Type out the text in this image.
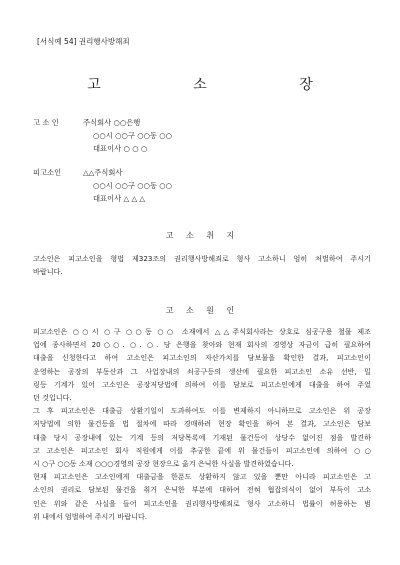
[서식예 54] 권리행사방해죄
고 소 장
고 소 인	주식회사 ○○은행
○○시 ○○구 ○○동 ○○
대표이사 ○ ○ ○
피고소인	△△주식회사
○○시 ○○구 ○○동 ○○
대표이사 △ △ △
고 소 취 지
고소인은 피고소인을 형법 제323조의 권리행사방해죄로 형사 고소하니 엄히 처벌하여 주시기
바랍니다.
고 소 원 인
피고소인은 ○○시 ○구 ○○동 ○○ 소재에서 △△주식회사라는 상호로 심공구용 철물 제조
업에 종사하면서 20○○. ○. ○. 당 은행을 찾아와 현재 회사의 경영상 자금이 급히 필요하여
대출을 신청한다고 하여 고소인은 피고소인의 자산가치를 담보물을 확인한 결과, 피고소인이
운영하는 공장의 부동산과 그 사업장내의 쇠공구등의 생산에 필요한 피고소인 소유 선반, 밀
링등 기계가 있어 고소인은 공장저당법에 의하여 이를 담보로 피고소인에게 대출을 하여 주었
던 것입니다.
그 후 피고소인은 대출금 상환기일이 도과하여도 이를 변제하지 아니하므로 고소인은 위 공장
저당법에 의한 물건등을 법 절차에 따라 경매하려 현장 확인을 하여 본 결과, 고소인은 담보
대출 당시 공장내에 있는 기계 등의 저당목록에 기재된 물건등이 상당수 없어진 점을 발견하
고 고소인은 피고소인 회사 직원에게 이를 추궁한 끝에 위 물건들이 피고소인에 의하여 ○○
시 ○구 ○○동 소재 ○○○경영의 공장 현장으로 옮겨 은닉한 사실을 발견하였습니다.
현재 피고소인은 고소인에게 대출금을 한푼도 상환하지 않고 있을 뿐만 아니라 피고소인은 고
소인의 권리로 담보된 물건을 취거 은닉한 부분에 대하여 전혀 협잡의식이 없어 부득이 고소
인은 위와 같은 사실을 들어 피고소인을 권리행사방해죄로 형사 고소하니 법률이 허용하는 범
위 내에서 엄벌하여 주시기 바랍니다.
